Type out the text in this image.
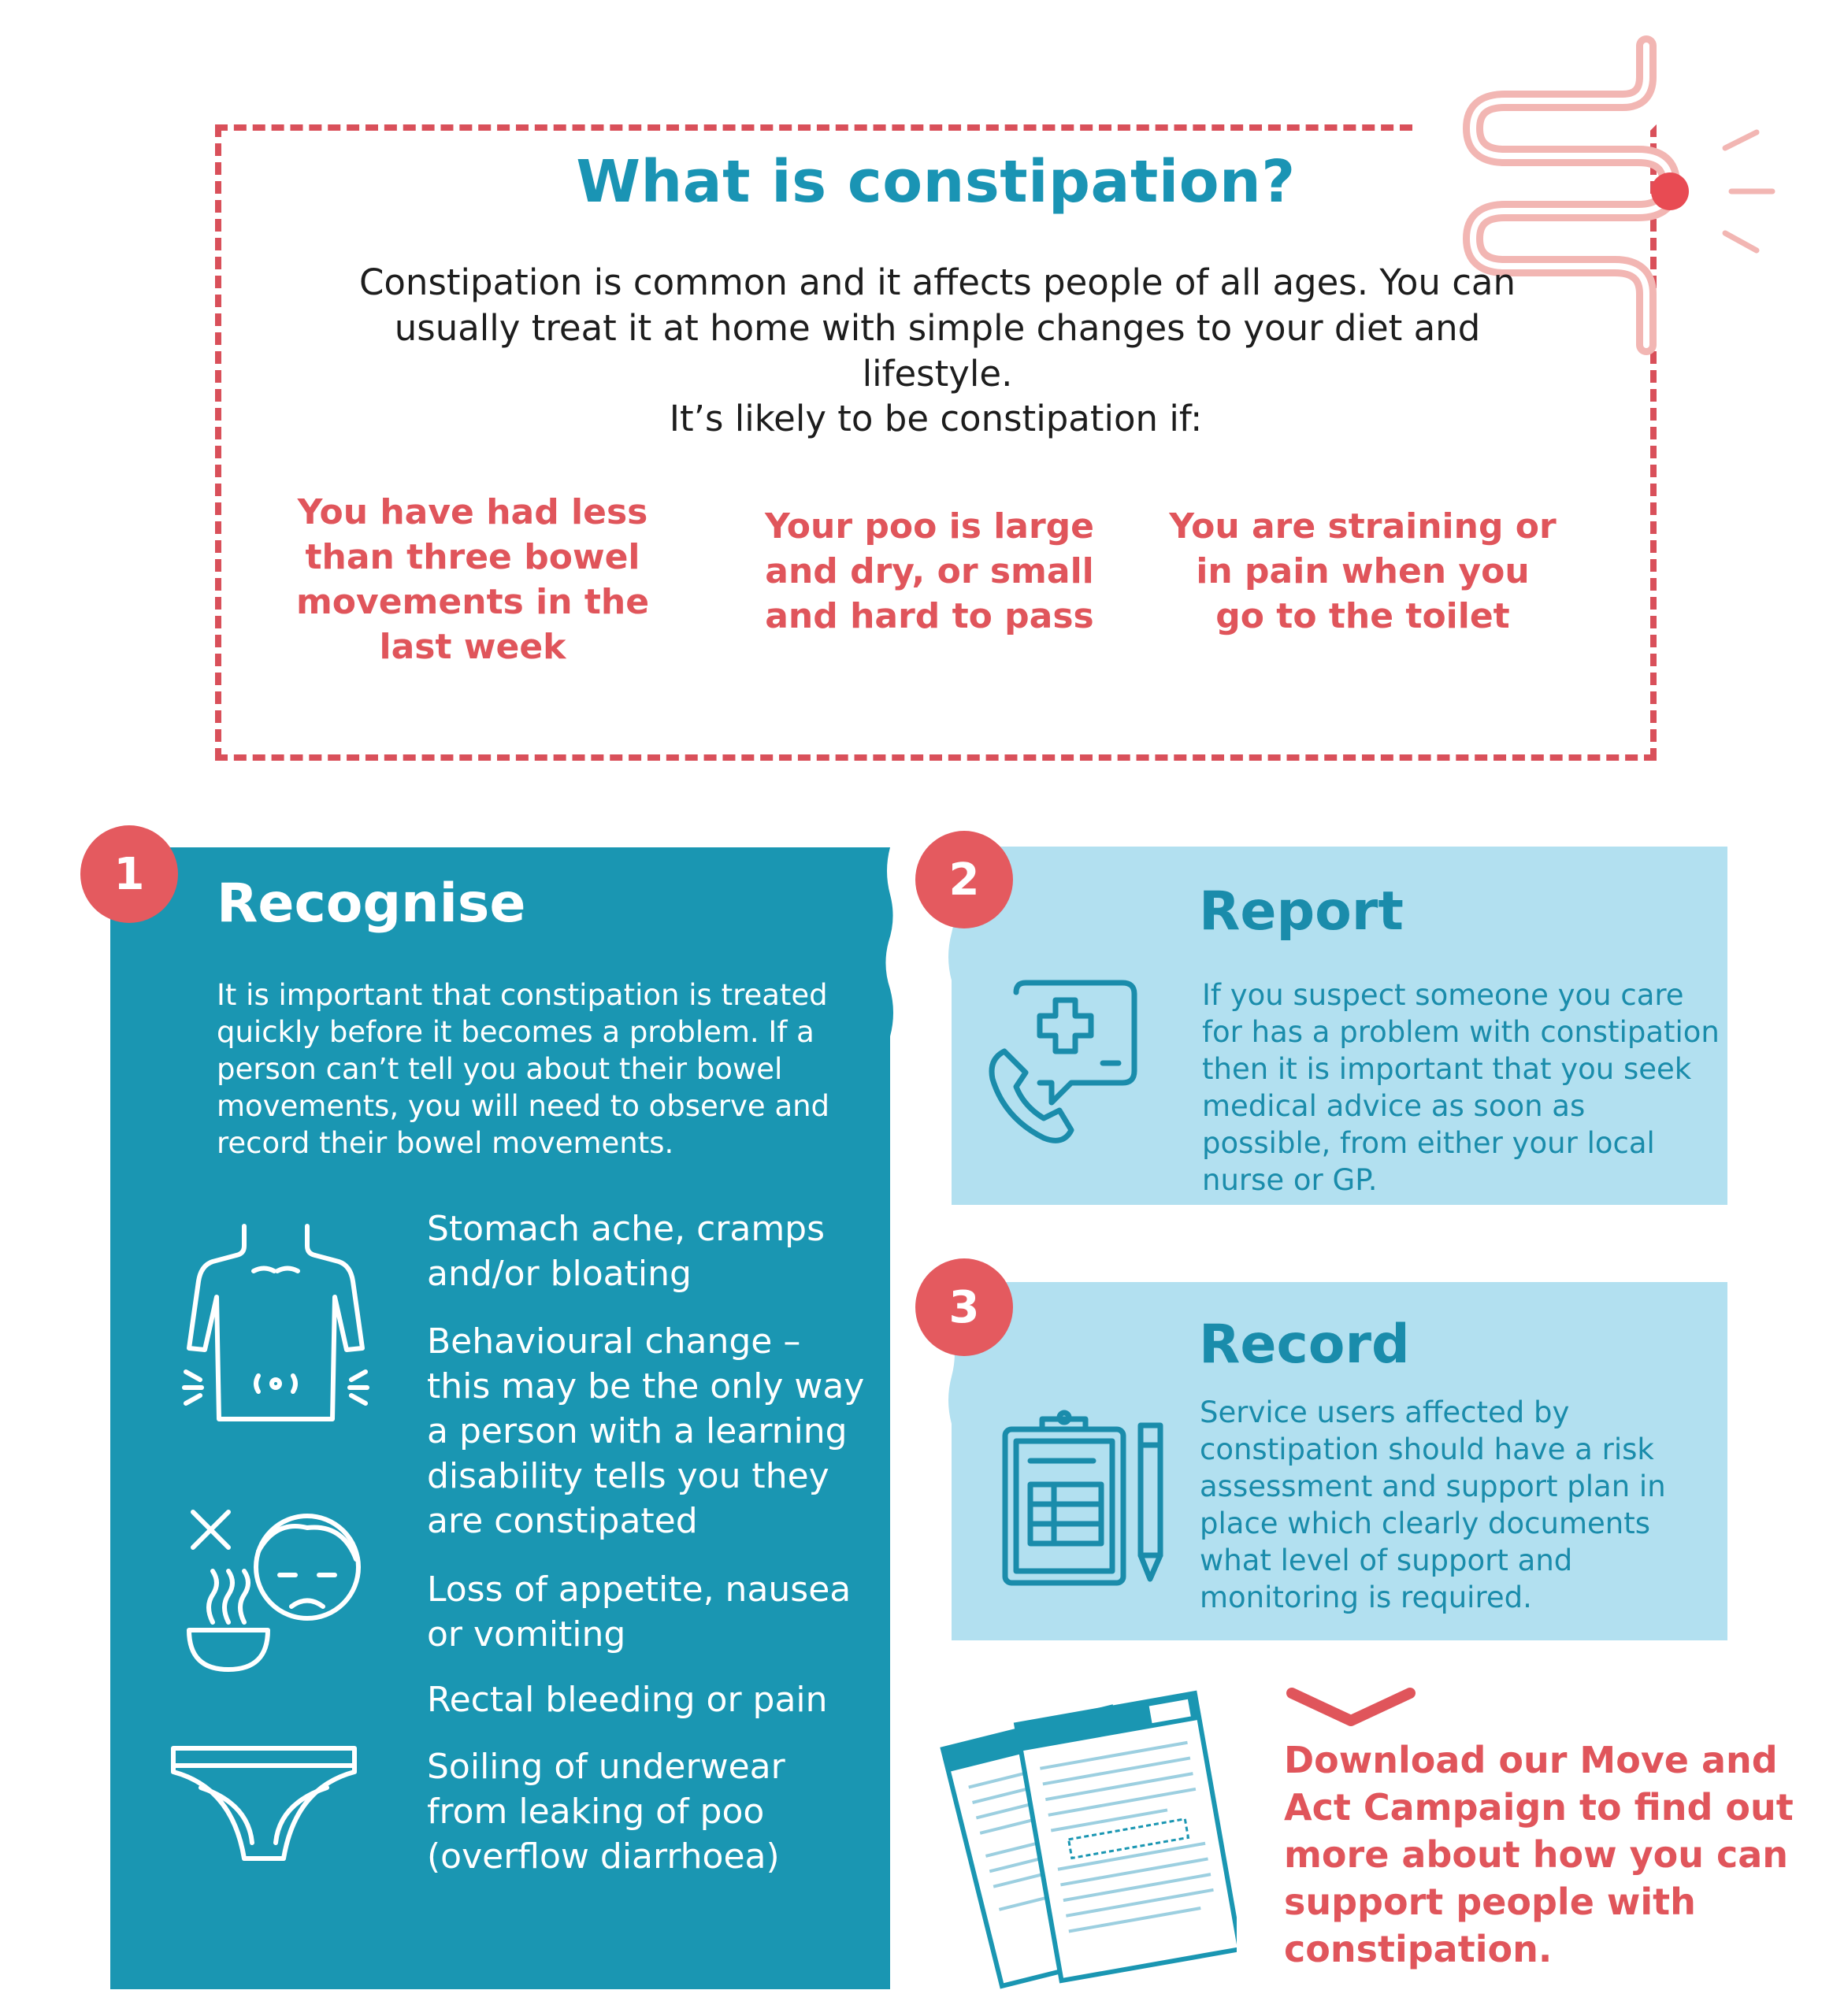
What is constipation?
Constipation is common and it affects people of all ages. You can usually treat it at home with simple changes to your diet and lifestyle.
It’s likely to be constipation if:
You have had less than three bowel movements in the last week
Your poo is large and dry, or small and hard to pass
You are straining or in pain when you go to the toilet
1	Recognise
It is important that constipation is treated quickly before it becomes a problem. If a person can’t tell you about their bowel movements, you will need to observe and record their bowel movements.
Stomach ache, cramps and/or bloating
Behavioural change – this may be the only way a person with a learning disability tells you they are constipated
Loss of appetite, nausea or vomiting
Rectal bleeding or pain
Soiling of underwear from leaking of poo (overflow diarrhoea)
2
Report
If you suspect someone you care for has a problem with constipation then it is important that you seek medical advice as soon as possible, from either your local nurse or GP.
3
Record
Service users affected by constipation should have a risk assessment and support plan in place which clearly documents what level of support and monitoring is required.
Download our Move and Act Campaign to find out more about how you can support people with constipation.
